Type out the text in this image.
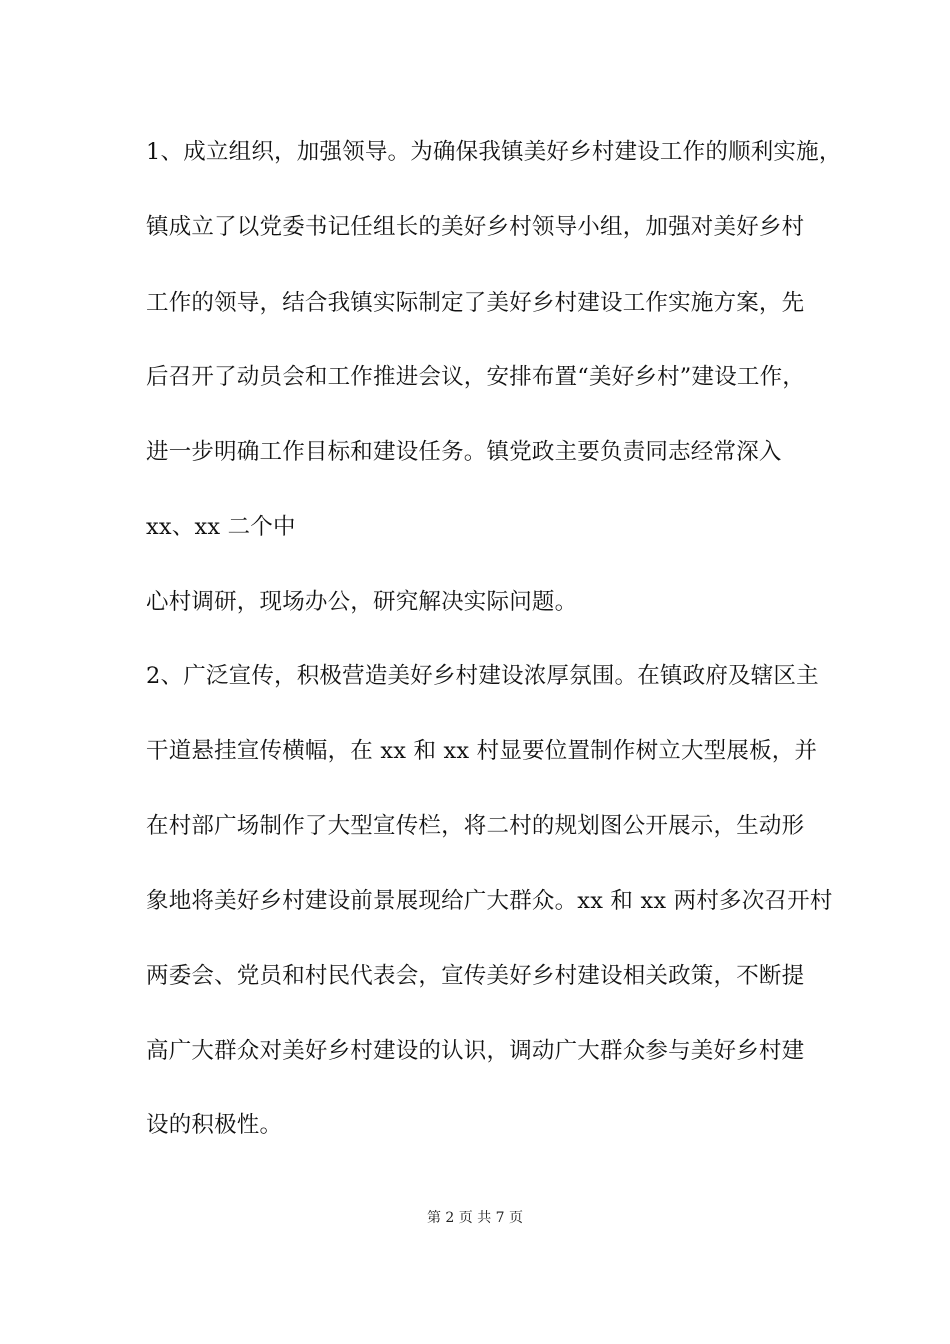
1、成立组织，加强领导。为确保我镇美好乡村建设工作的顺利实施，
镇成立了以党委书记任组长的美好乡村领导小组，加强对美好乡村
工作的领导，结合我镇实际制定了美好乡村建设工作实施方案，先
后召开了动员会和工作推进会议，安排布置“美好乡村”建设工作，
进一步明确工作目标和建设任务。镇党政主要负责同志经常深入
xx、xx 二个中
心村调研，现场办公，研究解决实际问题。
2、广泛宣传，积极营造美好乡村建设浓厚氛围。在镇政府及辖区主
干道悬挂宣传横幅，在 xx 和 xx 村显要位置制作树立大型展板，并
在村部广场制作了大型宣传栏，将二村的规划图公开展示，生动形
象地将美好乡村建设前景展现给广大群众。xx 和 xx 两村多次召开村
两委会、党员和村民代表会，宣传美好乡村建设相关政策，不断提
高广大群众对美好乡村建设的认识，调动广大群众参与美好乡村建
设的积极性。
第 2 页 共 7 页
